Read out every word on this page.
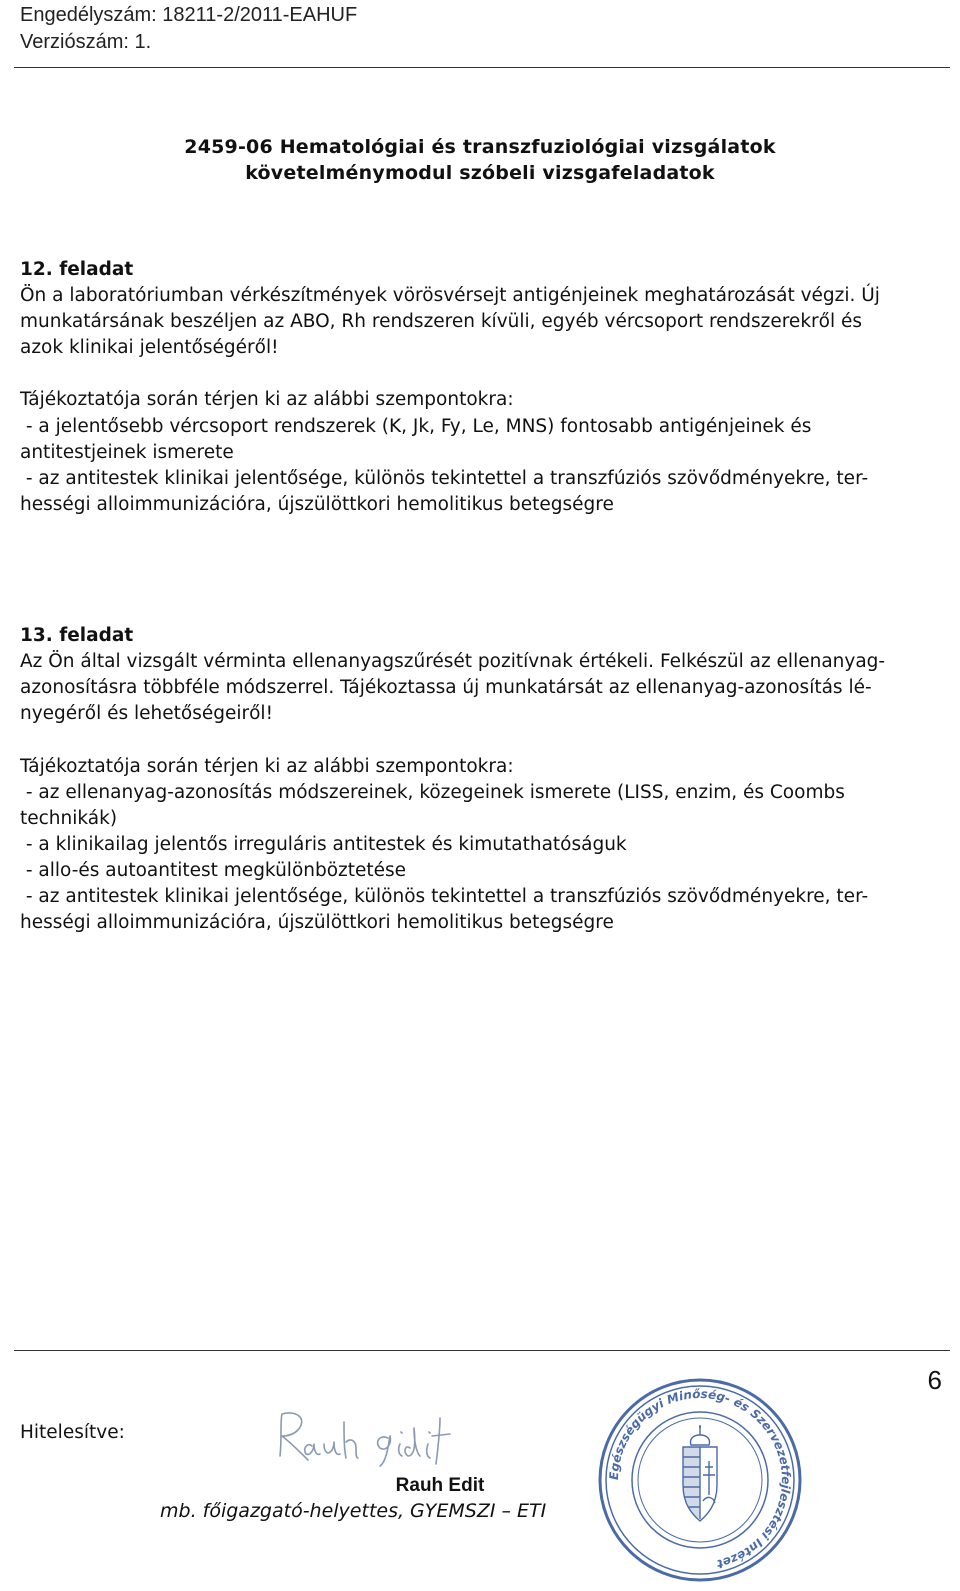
Engedélyszám: 18211-2/2011-EAHUF
Verziószám: 1.
2459-06 Hematológiai és transzfuziológiai vizsgálatok
követelménymodul szóbeli vizsgafeladatok
12. feladat
Ön a laboratóriumban vérkészítmények vörösvérsejt antigénjeinek meghatározását végzi. Új
munkatársának beszéljen az ABO, Rh rendszeren kívüli, egyéb vércsoport rendszerekről és
azok klinikai jelentőségéről!
Tájékoztatója során térjen ki az alábbi szempontokra:
- a jelentősebb vércsoport rendszerek (K, Jk, Fy, Le, MNS) fontosabb antigénjeinek és
antitestjeinek ismerete
- az antitestek klinikai jelentősége, különös tekintettel a transzfúziós szövődményekre, ter-
hességi alloimmunizációra, újszülöttkori hemolitikus betegségre
13. feladat
Az Ön által vizsgált vérminta ellenanyagszűrését pozitívnak értékeli. Felkészül az ellenanyag-
azonosításra többféle módszerrel. Tájékoztassa új munkatársát az ellenanyag-azonosítás lé-
nyegéről és lehetőségeiről!
Tájékoztatója során térjen ki az alábbi szempontokra:
- az ellenanyag-azonosítás módszereinek, közegeinek ismerete (LISS, enzim, és Coombs
technikák)
- a klinikailag jelentős irreguláris antitestek és kimutathatóságuk
- allo-és autoantitest megkülönböztetése
- az antitestek klinikai jelentősége, különös tekintettel a transzfúziós szövődményekre, ter-
hességi alloimmunizációra, újszülöttkori hemolitikus betegségre
6
Hitelesítve:
Rauh Edit
mb. főigazgató-helyettes, GYEMSZI – ETI
Egészségügyi Minőség- és Szervezetfejlesztési Intézet
